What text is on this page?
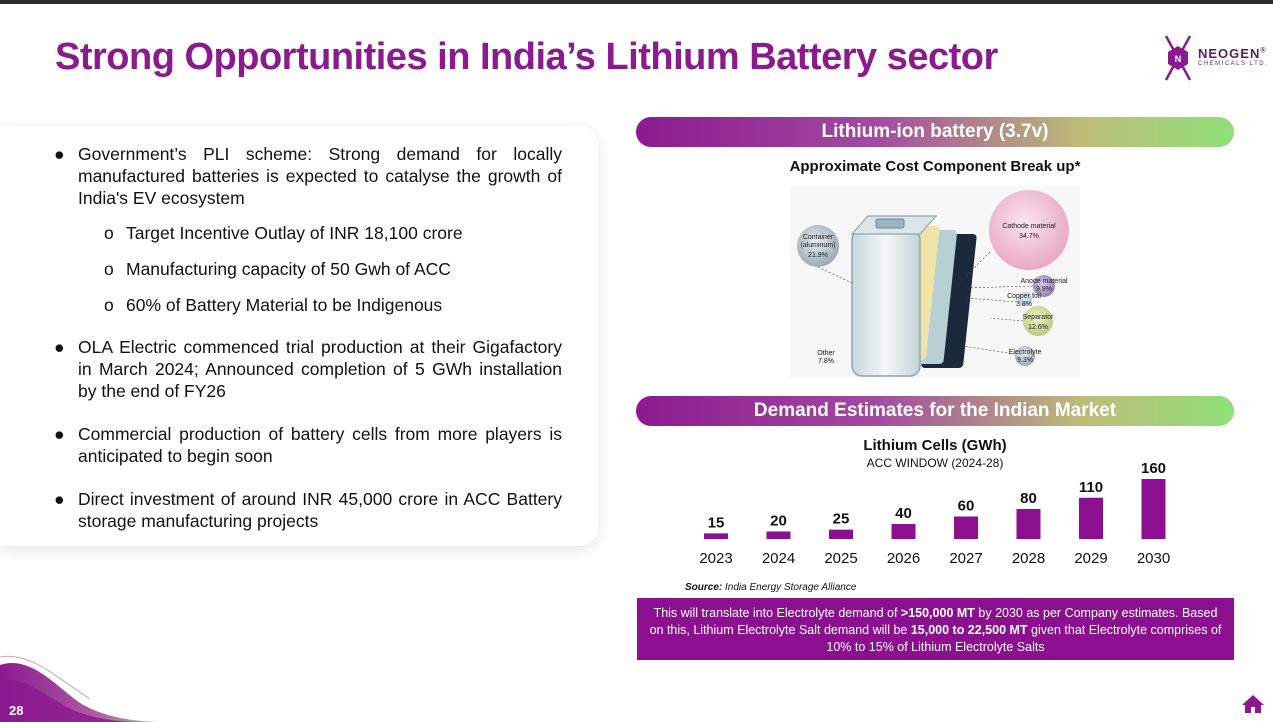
Strong Opportunities in India’s Lithium Battery sector	N NEOGEN®
CHEMICALS LTD.
● Government’s PLI scheme: Strong demand for locally manufactured batteries is expected to catalyse the growth of India's EV ecosystem
o Target Incentive Outlay of INR 18,100 crore
o Manufacturing capacity of 50 Gwh of ACC
o 60% of Battery Material to be Indigenous
● OLA Electric commenced trial production at their Gigafactory in March 2024; Announced completion of 5 GWh installation by the end of FY26
● Commercial production of battery cells from more players is anticipated to begin soon
● Direct investment of around INR 45,000 crore in ACC Battery storage manufacturing projects
Lithium-ion battery (3.7v)
Approximate Cost Component Break up*
Container
(aluminum)
21.9%
Cathode material
34.7%
Anode material
9.9%
Copper foil
3.8%
Separator
12.6%
Electrolyte
9.3%
Other
7.8%
Demand Estimates for the Indian Market
Lithium Cells (GWh)
ACC WINDOW (2024-28)
15
2023
20
2024
25
2025
40
2026
60
2027
80
2028
110
2029
160
2030
Source: India Energy Storage Alliance
This will translate into Electrolyte demand of >150,000 MT by 2030 as per Company estimates. Based on this, Lithium Electrolyte Salt demand will be 15,000 to 22,500 MT given that Electrolyte comprises of 10% to 15% of Lithium Electrolyte Salts
28
